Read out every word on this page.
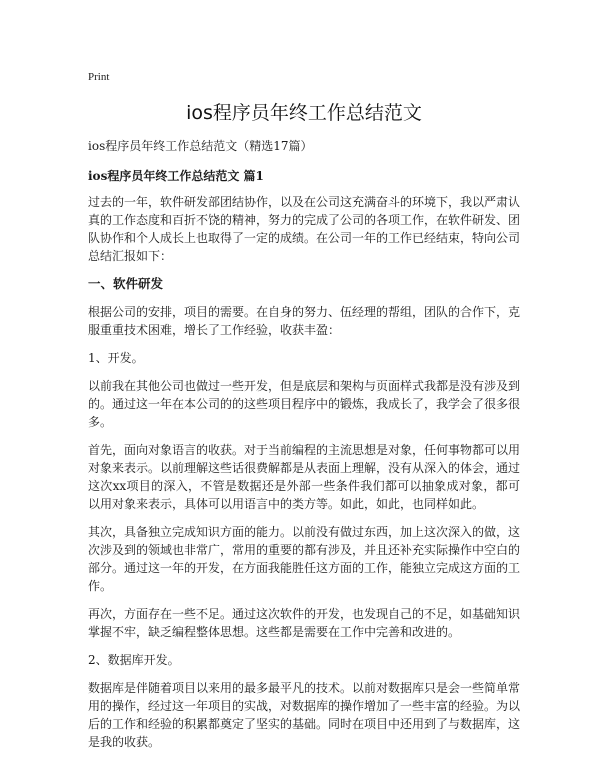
Print
ios程序员年终工作总结范文
ios程序员年终工作总结范文（精选17篇）
ios程序员年终工作总结范文 篇1

过去的一年，软件研发部团结协作，以及在公司这充满奋斗的环境下，我以严肃认真的工作态度和百折不饶的精神，努力的完成了公司的各项工作，在软件研发、团队协作和个人成长上也取得了一定的成绩。在公司一年的工作已经结束，特向公司总结汇报如下：

一、软件研发

根据公司的安排，项目的需要。在自身的努力、伍经理的帮组，团队的合作下，克服重重技术困难，增长了工作经验，收获丰盈：

1、开发。

以前我在其他公司也做过一些开发，但是底层和架构与页面样式我都是没有涉及到的。通过这一年在本公司的的这些项目程序中的锻炼，我成长了，我学会了很多很多。

首先，面向对象语言的收获。对于当前编程的主流思想是对象，任何事物都可以用对象来表示。以前理解这些话很费解都是从表面上理解，没有从深入的体会，通过这次xx项目的深入，不管是数据还是外部一些条件我们都可以抽象成对象，都可以用对象来表示，具体可以用语言中的类方等。如此，如此，也同样如此。

其次，具备独立完成知识方面的能力。以前没有做过东西，加上这次深入的做，这次涉及到的领域也非常广，常用的重要的都有涉及，并且还补充实际操作中空白的部分。通过这一年的开发，在方面我能胜任这方面的工作，能独立完成这方面的工作。

再次，方面存在一些不足。通过这次软件的开发，也发现自己的不足，如基础知识掌握不牢，缺乏编程整体思想。这些都是需要在工作中完善和改进的。

2、数据库开发。

数据库是伴随着项目以来用的最多最平凡的技术。以前对数据库只是会一些简单常用的操作，经过这一年项目的实战，对数据库的操作增加了一些丰富的经验。为以后的工作和经验的积累都奠定了坚实的基础。同时在项目中还用到了与数据库，这是我的收获。
